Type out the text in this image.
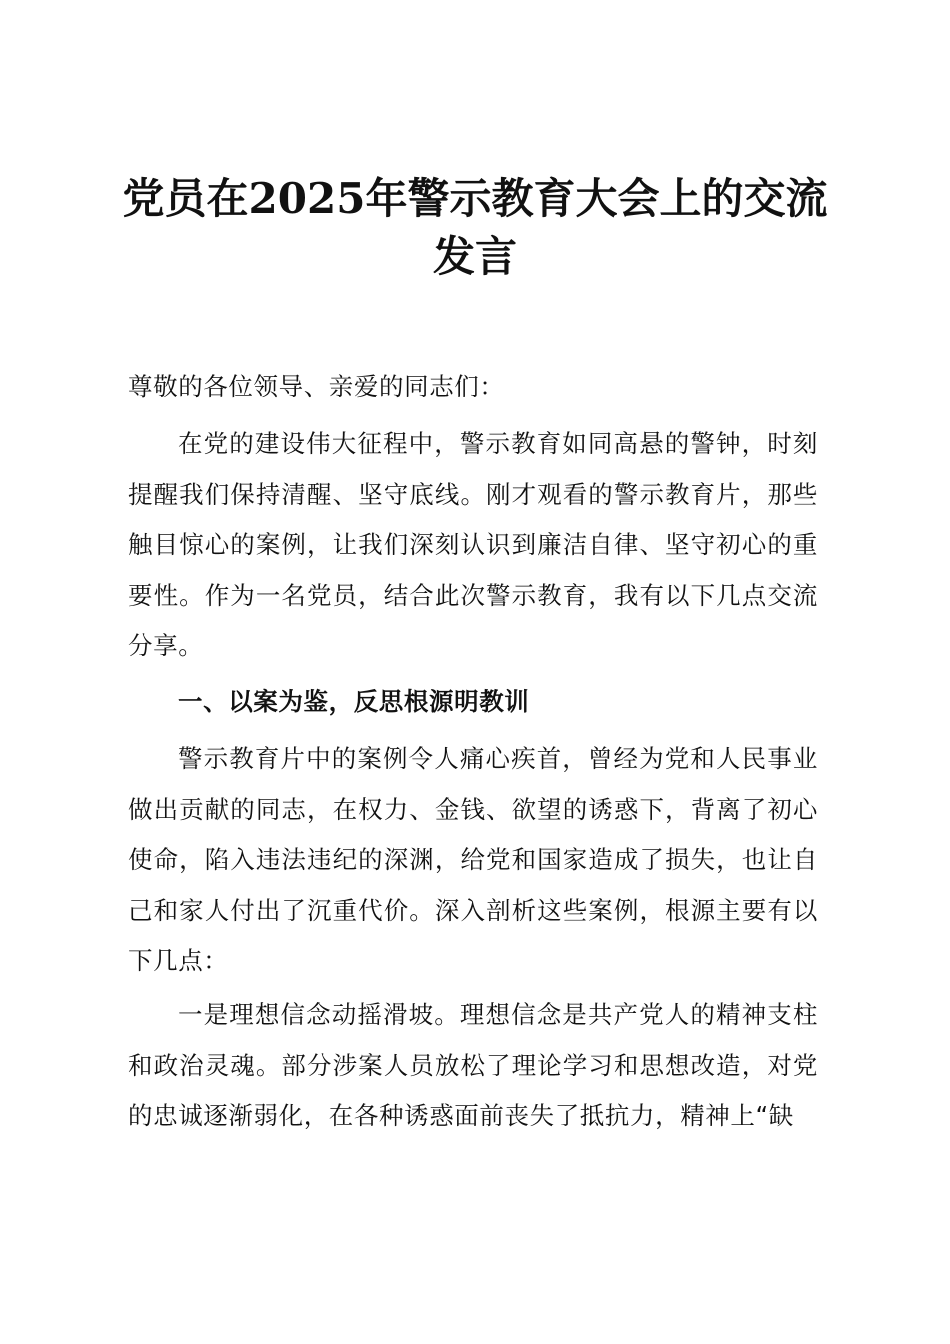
党员在2025年警示教育大会上的交流发言

尊敬的各位领导、亲爱的同志们：

在党的建设伟大征程中，警示教育如同高悬的警钟，时刻提醒我们保持清醒、坚守底线。刚才观看的警示教育片，那些触目惊心的案例，让我们深刻认识到廉洁自律、坚守初心的重要性。作为一名党员，结合此次警示教育，我有以下几点交流分享。

一、以案为鉴，反思根源明教训

警示教育片中的案例令人痛心疾首，曾经为党和人民事业做出贡献的同志，在权力、金钱、欲望的诱惑下，背离了初心使命，陷入违法违纪的深渊，给党和国家造成了损失，也让自己和家人付出了沉重代价。深入剖析这些案例，根源主要有以下几点：

一是理想信念动摇滑坡。理想信念是共产党人的精神支柱和政治灵魂。部分涉案人员放松了理论学习和思想改造，对党的忠诚逐渐弱化，在各种诱惑面前丧失了抵抗力，精神上“缺
